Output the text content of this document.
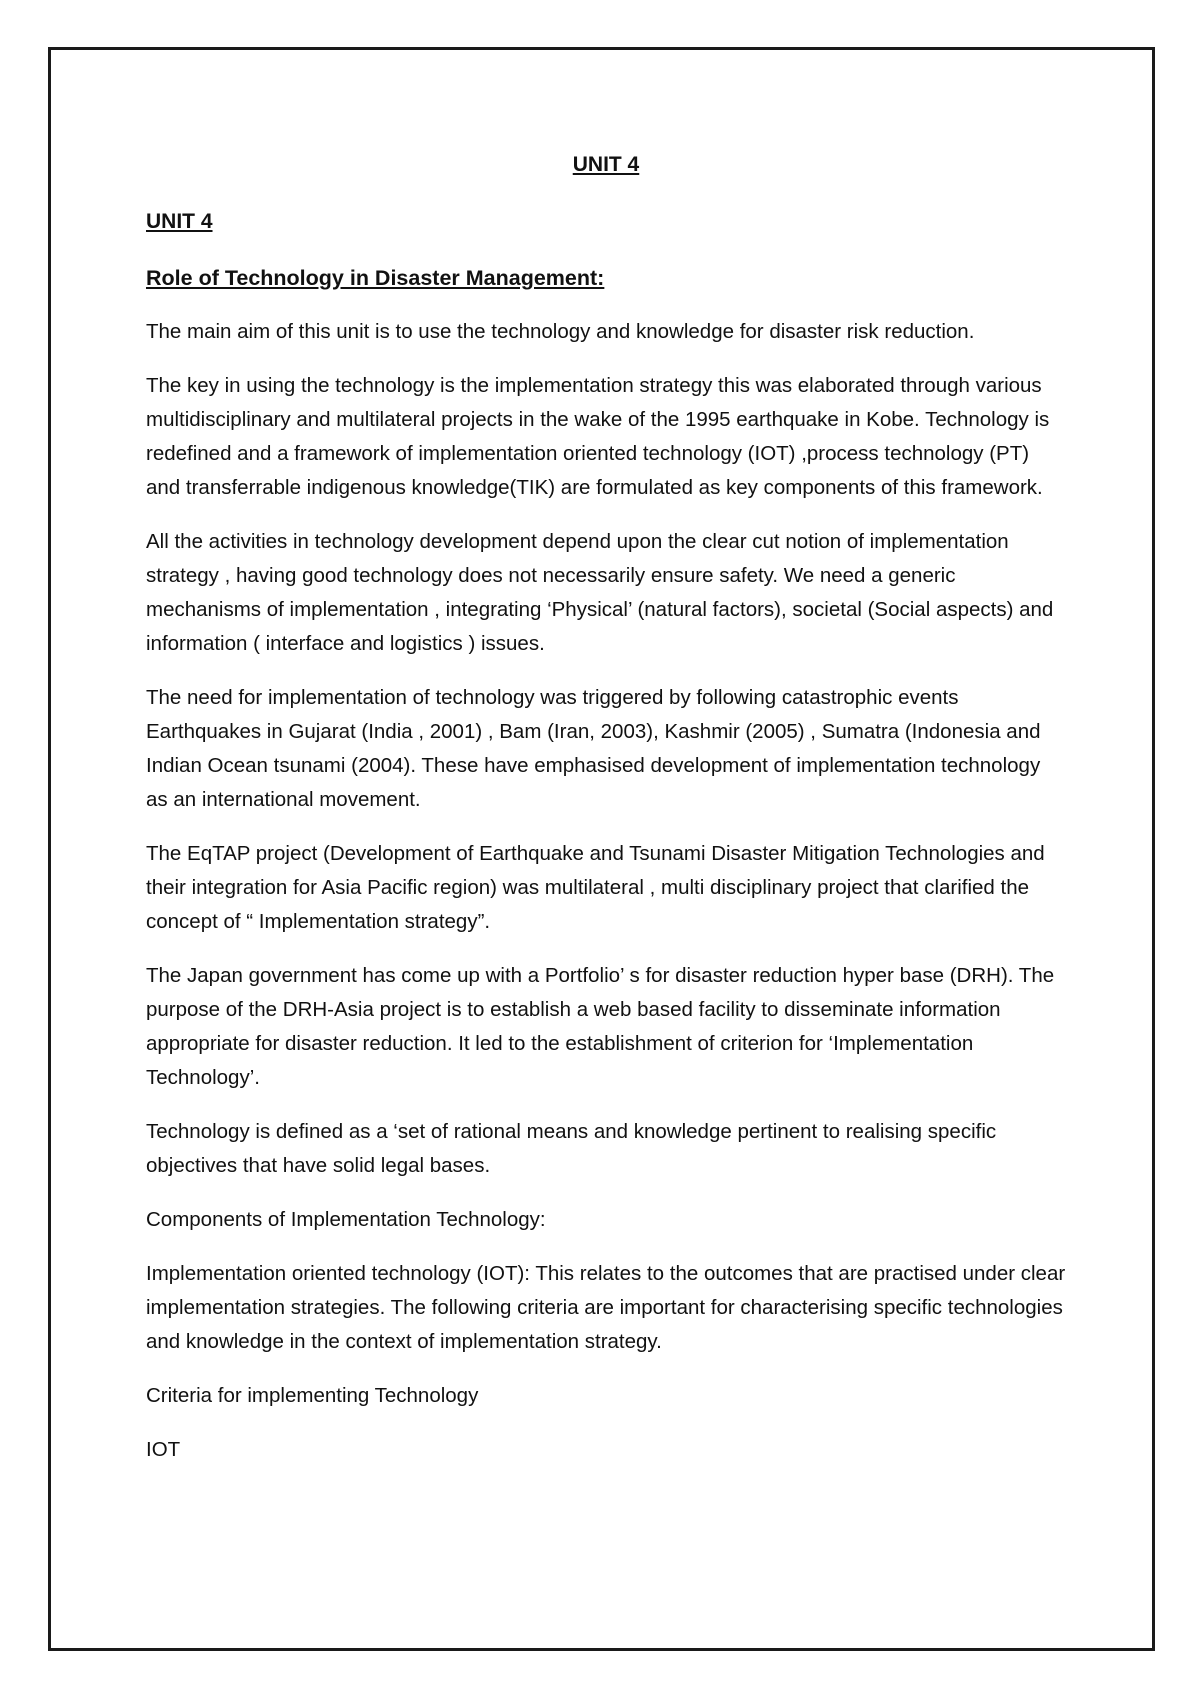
UNIT 4
UNIT 4
Role of Technology in Disaster Management:

The main aim of this unit is to use the technology and knowledge for disaster risk reduction.

The key in using the technology is the implementation strategy this was elaborated through various multidisciplinary and multilateral projects in the wake of the 1995 earthquake in Kobe. Technology is redefined and a framework of implementation oriented technology (IOT) ,process technology (PT) and transferrable indigenous knowledge(TIK) are formulated as key components of this framework.

All the activities in technology development depend upon the clear cut notion of implementation strategy , having good technology does not necessarily ensure safety. We need a generic mechanisms of implementation , integrating ‘Physical’ (natural factors), societal (Social aspects) and information ( interface and logistics ) issues.

The need for implementation of technology was triggered by following catastrophic events Earthquakes in Gujarat (India , 2001) , Bam (Iran, 2003), Kashmir (2005) , Sumatra (Indonesia and Indian Ocean tsunami (2004). These have emphasised development of implementation technology as an international movement.

The EqTAP project (Development of Earthquake and Tsunami Disaster Mitigation Technologies and their integration for Asia Pacific region) was multilateral , multi disciplinary project that clarified the concept of “ Implementation strategy”.

The Japan government has come up with a Portfolio’ s for disaster reduction hyper base (DRH). The purpose of the DRH-Asia project is to establish a web based facility to disseminate information appropriate for disaster reduction. It led to the establishment of criterion for ‘Implementation Technology’.

Technology is defined as a ‘set of rational means and knowledge pertinent to realising specific objectives that have solid legal bases.

Components of Implementation Technology:

Implementation oriented technology (IOT): This relates to the outcomes that are practised under clear implementation strategies. The following criteria are important for characterising specific technologies and knowledge in the context of implementation strategy.

Criteria for implementing Technology

IOT
